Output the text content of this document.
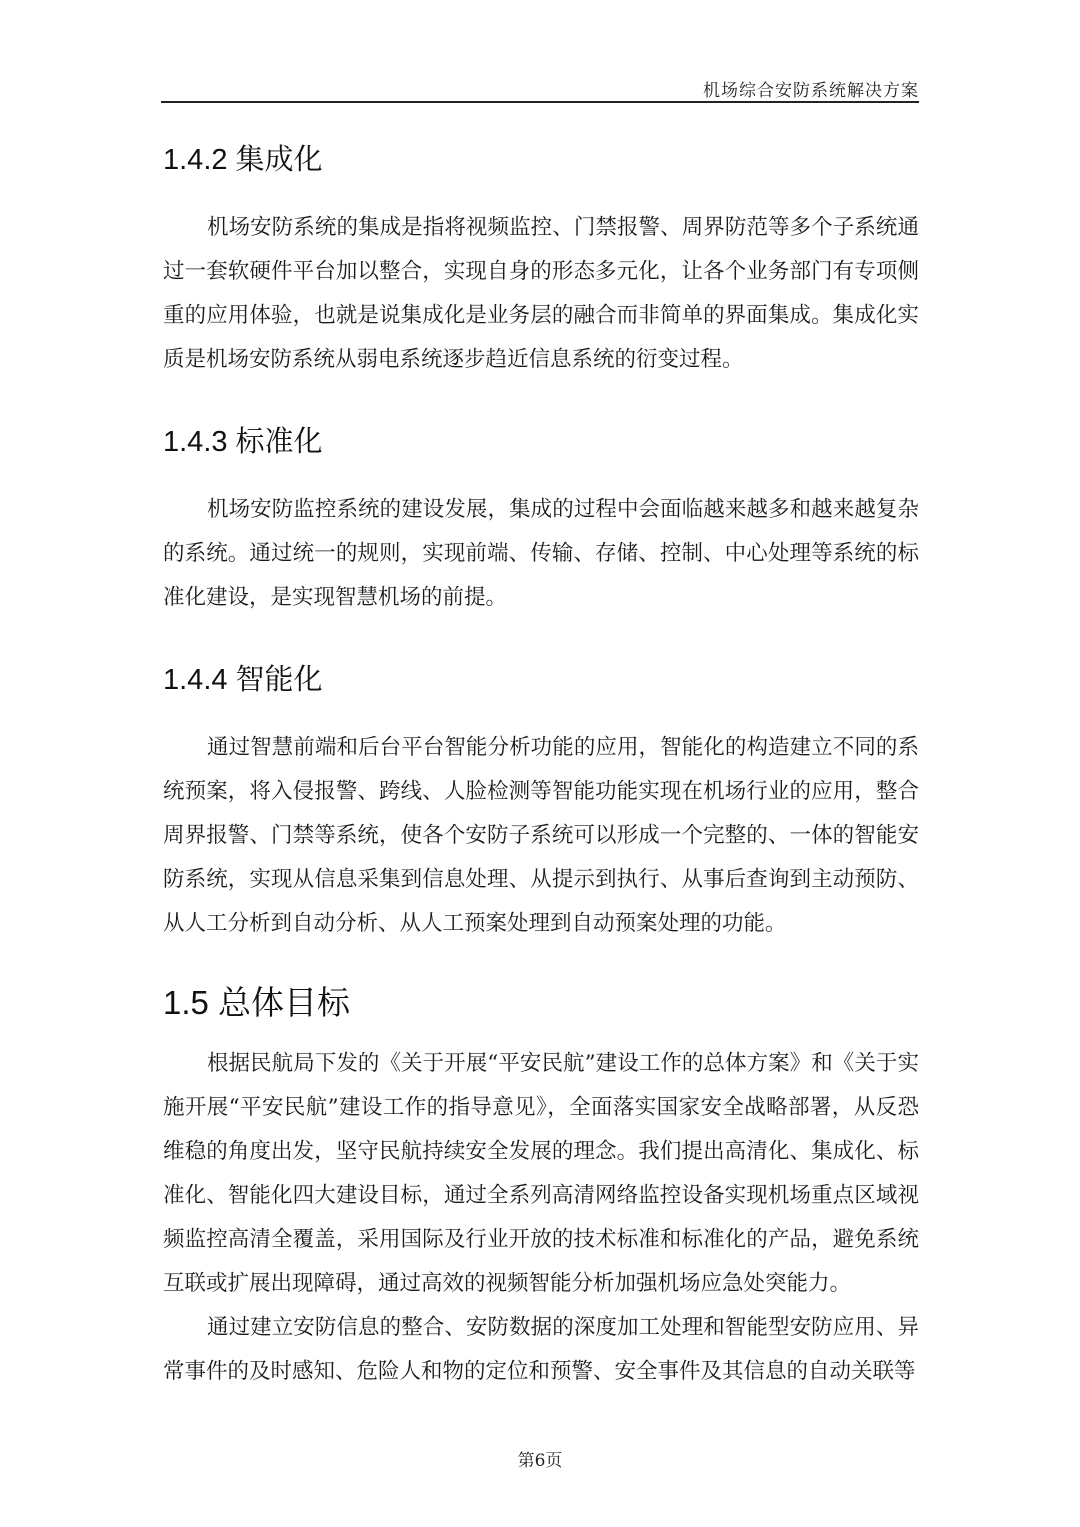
机场综合安防系统解决方案
1.4.2 集成化

机场安防系统的集成是指将视频监控、门禁报警、周界防范等多个子系统通过一套软硬件平台加以整合，实现自身的形态多元化，让各个业务部门有专项侧重的应用体验，也就是说集成化是业务层的融合而非简单的界面集成。集成化实质是机场安防系统从弱电系统逐步趋近信息系统的衍变过程。

1.4.3 标准化

机场安防监控系统的建设发展，集成的过程中会面临越来越多和越来越复杂的系统。通过统一的规则，实现前端、传输、存储、控制、中心处理等系统的标准化建设，是实现智慧机场的前提。

1.4.4 智能化

通过智慧前端和后台平台智能分析功能的应用，智能化的构造建立不同的系统预案，将入侵报警、跨线、人脸检测等智能功能实现在机场行业的应用，整合周界报警、门禁等系统，使各个安防子系统可以形成一个完整的、一体的智能安防系统，实现从信息采集到信息处理、从提示到执行、从事后查询到主动预防、从人工分析到自动分析、从人工预案处理到自动预案处理的功能。

1.5 总体目标

根据民航局下发的《关于开展“平安民航”建设工作的总体方案》和《关于实施开展“平安民航”建设工作的指导意见》，全面落实国家安全战略部署，从反恐维稳的角度出发，坚守民航持续安全发展的理念。我们提出高清化、集成化、标准化、智能化四大建设目标，通过全系列高清网络监控设备实现机场重点区域视频监控高清全覆盖，采用国际及行业开放的技术标准和标准化的产品，避免系统互联或扩展出现障碍，通过高效的视频智能分析加强机场应急处突能力。

通过建立安防信息的整合、安防数据的深度加工处理和智能型安防应用、异常事件的及时感知、危险人和物的定位和预警、安全事件及其信息的自动关联等

第6页
